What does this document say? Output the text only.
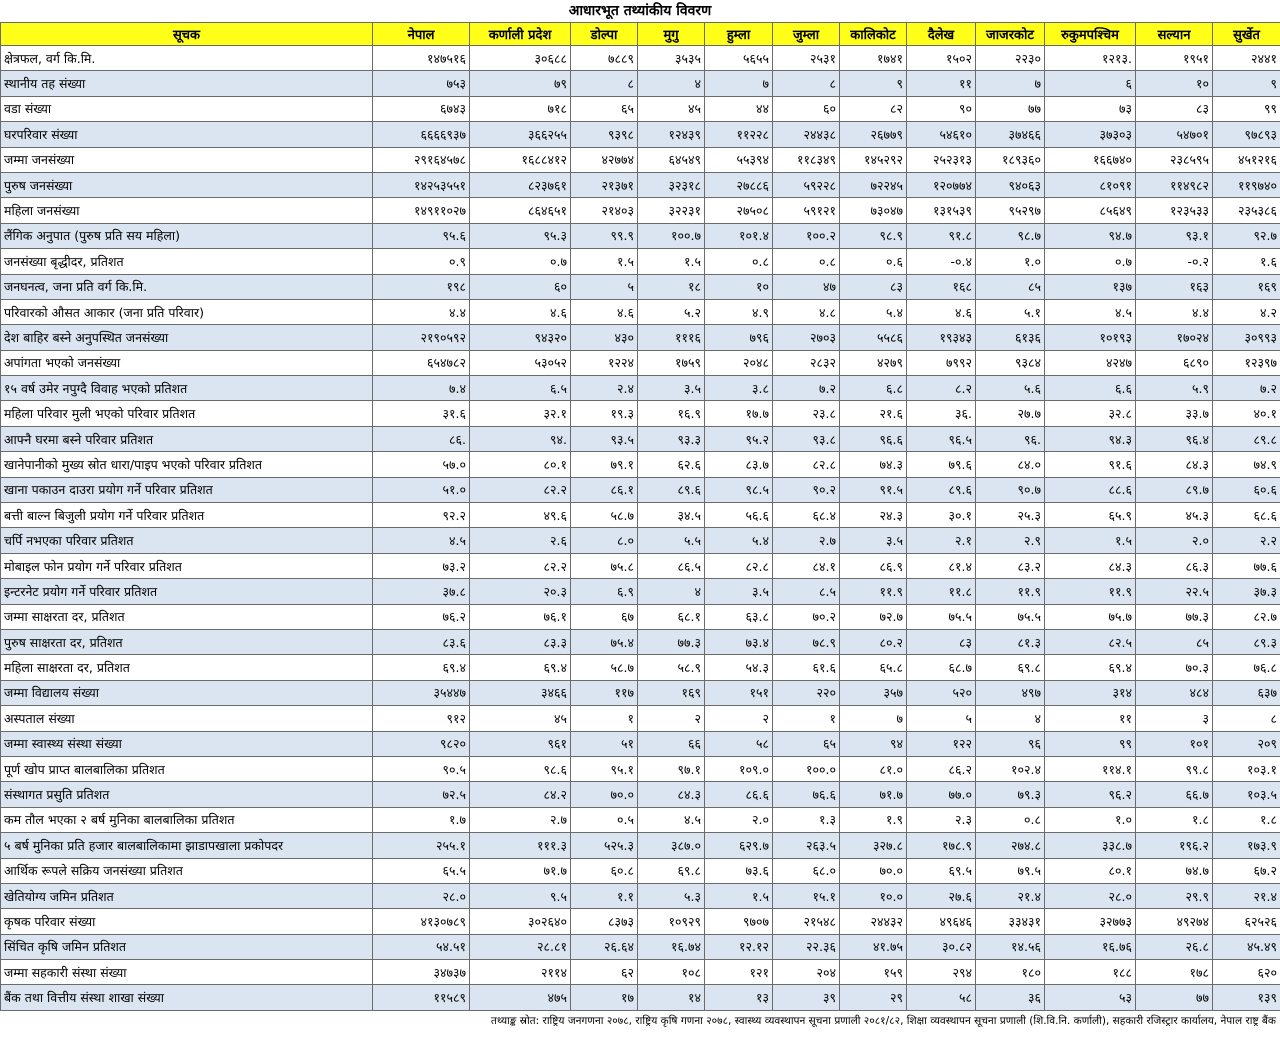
आधारभूत तथ्यांकीय विवरण
सूचक	नेपाल	कर्णाली प्रदेश	डोल्पा	मुगु	हुम्ला	जुम्ला	कालिकोट	दैलेख	जाजरकोट	रुकुमपश्चिम	सल्यान	सुर्खेत
क्षेत्रफल, वर्ग कि.मि.	१४७५१६	३०६८८	७८८९	३५३५	५६५५	२५३१	१७४१	१५०२	२२३०	१२१३.	१९५१	२४४१
स्थानीय तह संख्या	७५३	७९	८	४	७	८	९	११	७	६	१०	९
वडा संख्या	६७४३	७१८	६५	४५	४४	६०	८२	९०	७७	७३	८३	९९
घरपरिवार संख्या	६६६६९३७	३६६२५५	९३९८	१२४३९	११२२८	२४४३८	२६७७९	५४६१०	३७४६६	३७३०३	५४७०१	९७८९३
जम्मा जनसंख्या	२९१६४५७८	१६८८४१२	४२७७४	६४५४९	५५३९४	११८३४९	१४५२९२	२५२३१३	१८९३६०	१६६७४०	२३८५९५	४५१२१६
पुरुष जनसंख्या	१४२५३५५१	८२३७६१	२१३७१	३२३१८	२७८८६	५९२२८	७२२४५	१२०७७४	९४०६३	८१०९१	११४९८२	११९७४०
महिला जनसंख्या	१४९११०२७	८६४६५१	२१४०३	३२२३१	२७५०८	५९१२१	७३०४७	१३१५३९	९५२९७	८५६४९	१२३५३३	२३५३८६
लैंगिक अनुपात (पुरुष प्रति सय महिला)	९५.६	९५.३	९९.९	१००.७	१०१.४	१००.२	९८.९	९१.८	९८.७	९४.७	९३.१	९२.७
जनसंख्या बृद्धीदर, प्रतिशत	०.९	०.७	१.५	१.५	०.८	०.८	०.६	-०.४	१.०	०.७	-०.२	१.६
जनघनत्व, जना प्रति वर्ग कि.मि.	१९८	६०	५	१८	१०	४७	८३	१६८	८५	१३७	१६३	१६९
परिवारको औसत आकार (जना प्रति परिवार)	४.४	४.६	४.६	५.२	४.९	४.८	५.४	४.६	५.१	४.५	४.४	४.२
देश बाहिर बस्ने अनुपस्थित जनसंख्या	२१९०५९२	९४३२०	४३०	१११६	७९६	२७०३	५५८६	१९३४३	६१३६	१०१९३	१७०२४	३०९९३
अपांगता भएको जनसंख्या	६५४७८२	५३०५२	१२२४	१७५९	२०४८	२८३२	४२७९	७९९२	९३८४	४२४७	६८९०	१२३९७
१५ वर्ष उमेर नपुग्दै विवाह भएको प्रतिशत	७.४	६.५	२.४	३.५	३.८	७.२	६.८	८.२	५.६	६.६	५.९	७.२
महिला परिवार मुली भएको परिवार प्रतिशत	३१.६	३२.१	१९.३	१६.९	१७.७	२३.८	२१.६	३६.	२७.७	३२.८	३३.७	४०.१
आफ्नै घरमा बस्ने परिवार प्रतिशत	८६.	९४.	९३.५	९३.३	९५.२	९३.८	९६.६	९६.५	९६.	९४.३	९६.४	८९.८
खानेपानीको मुख्य स्रोत धारा/पाइप भएको परिवार प्रतिशत	५७.०	८०.१	७९.१	६२.६	८३.७	८२.८	७४.३	७९.६	८४.०	९१.६	८४.३	७४.९
खाना पकाउन दाउरा प्रयोग गर्ने परिवार प्रतिशत	५१.०	८२.२	८६.१	८९.६	९८.५	९०.२	९१.५	८९.६	९०.७	८८.६	८९.७	६०.६
बत्ती बाल्न बिजुली प्रयोग गर्ने परिवार प्रतिशत	९२.२	४९.६	५८.७	३४.५	५६.६	६८.४	२४.३	३०.१	२५.३	६५.९	४५.३	६८.६
चर्पि नभएका परिवार प्रतिशत	४.५	२.६	८.०	५.५	५.४	२.७	३.५	२.१	२.९	१.५	२.०	२.२
मोबाइल फोन प्रयोग गर्ने परिवार प्रतिशत	७३.२	८२.२	७५.८	८६.५	८२.८	८४.१	८६.९	८१.४	८३.२	८४.३	८६.३	७७.६
इन्टरनेट प्रयोग गर्ने परिवार प्रतिशत	३७.८	२०.३	६.९	४	३.५	८.५	११.९	११.८	११.९	११.९	२२.५	३७.३
जम्मा साक्षरता दर, प्रतिशत	७६.२	७६.१	६७	६८.१	६३.८	७०.२	७२.७	७५.५	७५.५	७५.७	७७.३	८२.७
पुरुष साक्षरता दर, प्रतिशत	८३.६	८३.३	७५.४	७७.३	७३.४	७८.९	८०.२	८३	८१.३	८२.५	८५	८९.३
महिला साक्षरता दर, प्रतिशत	६९.४	६९.४	५८.७	५८.९	५४.३	६१.६	६५.८	६८.७	६९.८	६९.४	७०.३	७६.८
जम्मा विद्यालय संख्या	३५४४७	३४६६	११७	१६९	१५१	२२०	३५७	५२०	४९७	३१४	४८४	६३७
अस्पताल संख्या	९१२	४५	१	२	२	१	७	५	४	११	३	८
जम्मा स्वास्थ्य संस्था संख्या	९८२०	९६१	५१	६६	५८	६५	९४	१२२	९६	९९	१०१	२०९
पूर्ण खोप प्राप्त बालबालिका प्रतिशत	९०.५	९८.६	९५.१	९७.१	१०९.०	१००.०	८१.०	८६.२	१०२.४	११४.१	९९.८	१०३.१
संस्थागत प्रसुति प्रतिशत	७२.५	८४.२	७०.०	८४.३	८६.६	७६.६	७१.७	७७.०	७९.३	९६.२	६६.७	१०३.५
कम तौल भएका २ बर्ष मुनिका बालबालिका प्रतिशत	१.७	२.७	०.५	४.५	२.०	१.३	१.९	२.३	०.८	१.०	१.८	१.८
५ बर्ष मुनिका प्रति हजार बालबालिकामा झाडापखाला प्रकोपदर	२५५.१	१११.३	५२५.३	३८७.०	६२९.७	२६३.५	३२७.८	१७८.९	२७४.८	३३८.७	१९६.२	१७३.९
आर्थिक रूपले सक्रिय जनसंख्या प्रतिशत	६५.५	७१.७	६०.८	६९.८	७३.६	६८.०	७०.०	६९.५	७९.५	८०.१	७४.७	६७.२
खेतियोग्य जमिन प्रतिशत	२८.०	९.५	१.१	५.३	१.५	१५.१	१०.०	२७.६	२१.४	२८.०	२९.९	२१.४
कृषक परिवार संख्या	४१३०७८९	३०२६४०	८३७३	१०९२९	९७०७	२१५४८	२४४३२	४९६४६	३३४३१	३२७७३	४९२७४	६२५२६
सिंचित कृषि जमिन प्रतिशत	५४.५१	२८.८१	२६.६४	१६.७४	१२.१२	२२.३६	४१.७५	३०.८२	१४.५६	१६.७६	२६.८	४५.४९
जम्मा सहकारी संस्था संख्या	३४७३७	२११४	६२	१०८	१२१	२०४	१५९	२९४	१८०	१८८	१७८	६२०
बैंक तथा वित्तीय संस्था शाखा संख्या	११५८९	४७५	१७	१४	१३	३९	२९	५८	३६	५३	७७	१३९
तथ्याङ्क स्रोत: राष्ट्रिय जनगणना २०७८, राष्ट्रिय कृषि गणना २०७८, स्वास्थ्य व्यवस्थापन सूचना प्रणाली २०८१/८२, शिक्षा व्यवस्थापन सूचना प्रणाली (शि.वि.नि. कर्णाली), सहकारी रजिस्ट्रार कार्यालय, नेपाल राष्ट्र बैंक
